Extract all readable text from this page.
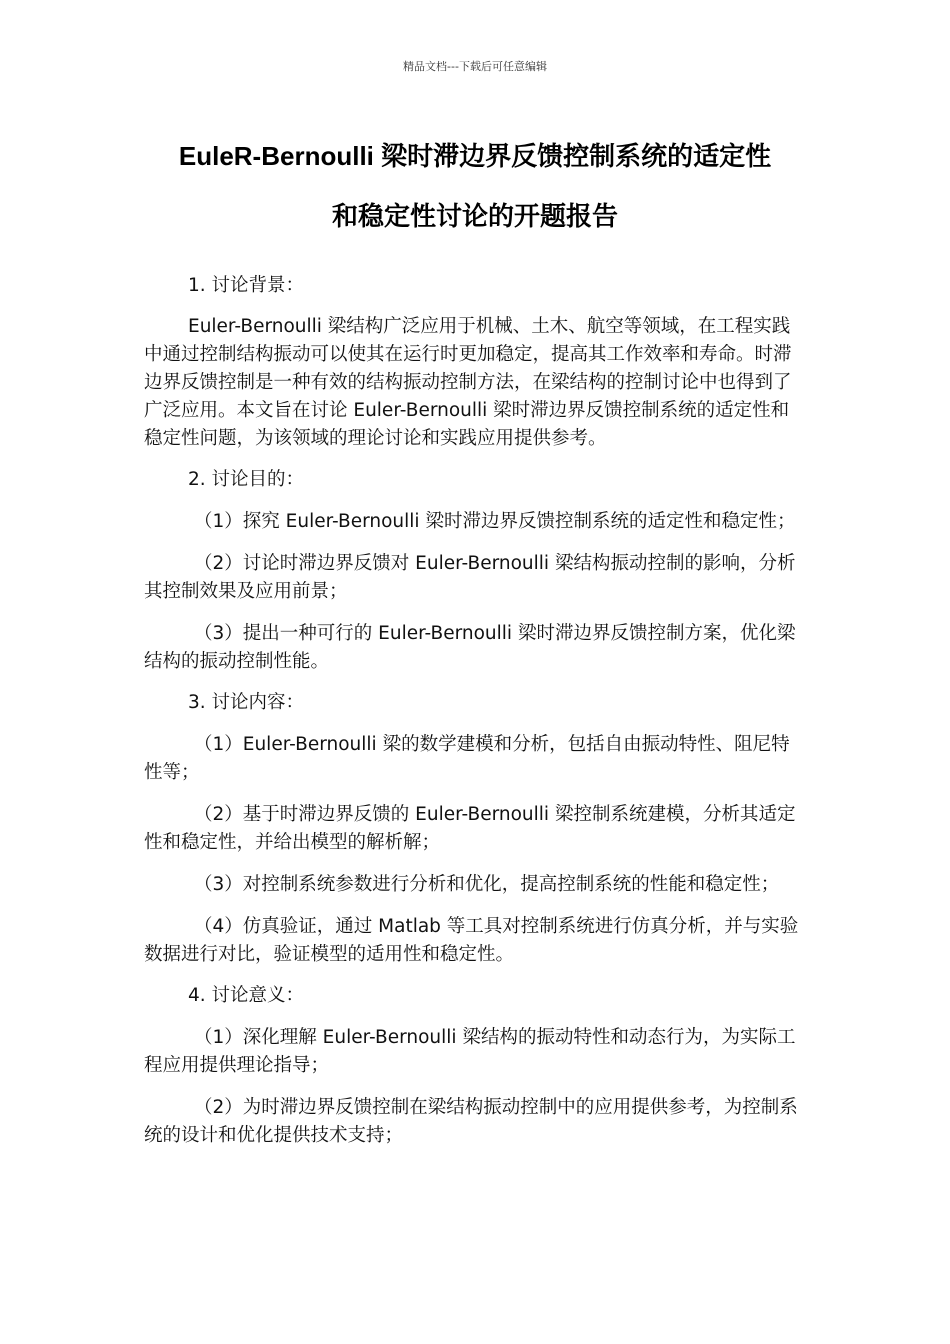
精品文档---下载后可任意编辑
EuleR-Bernoulli 梁时滞边界反馈控制系统的适定性
和稳定性讨论的开题报告

1. 讨论背景：

Euler-Bernoulli 梁结构广泛应用于机械、土木、航空等领域，在工程实践中通过控制结构振动可以使其在运行时更加稳定，提高其工作效率和寿命。时滞边界反馈控制是一种有效的结构振动控制方法，在梁结构的控制讨论中也得到了广泛应用。本文旨在讨论 Euler-Bernoulli 梁时滞边界反馈控制系统的适定性和稳定性问题，为该领域的理论讨论和实践应用提供参考。

2. 讨论目的：

（1）探究 Euler-Bernoulli 梁时滞边界反馈控制系统的适定性和稳定性；

（2）讨论时滞边界反馈对 Euler-Bernoulli 梁结构振动控制的影响，分析其控制效果及应用前景；

（3）提出一种可行的 Euler-Bernoulli 梁时滞边界反馈控制方案，优化梁结构的振动控制性能。

3. 讨论内容：

（1）Euler-Bernoulli 梁的数学建模和分析，包括自由振动特性、阻尼特性等；

（2）基于时滞边界反馈的 Euler-Bernoulli 梁控制系统建模，分析其适定性和稳定性，并给出模型的解析解；

（3）对控制系统参数进行分析和优化，提高控制系统的性能和稳定性；

（4）仿真验证，通过 Matlab 等工具对控制系统进行仿真分析，并与实验数据进行对比，验证模型的适用性和稳定性。

4. 讨论意义：

（1）深化理解 Euler-Bernoulli 梁结构的振动特性和动态行为，为实际工程应用提供理论指导；

（2）为时滞边界反馈控制在梁结构振动控制中的应用提供参考，为控制系统的设计和优化提供技术支持；
